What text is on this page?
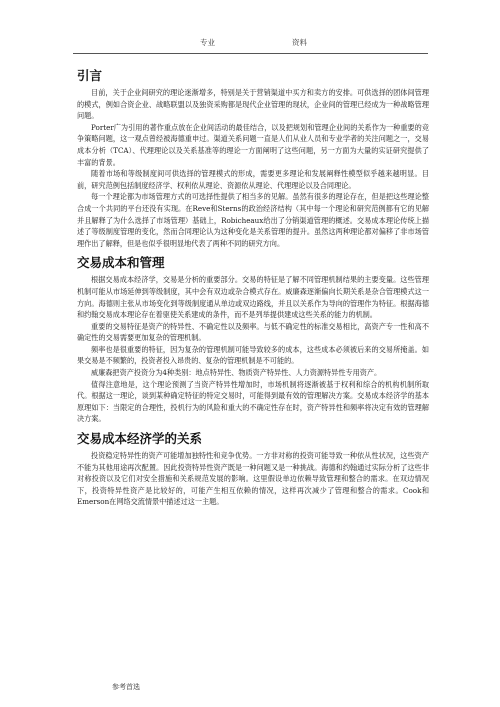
专业	资料
引言

目前，关于企业间研究的理论迷渐增多，特别是关于营销渠道中买方和卖方的安排。可供选择的团体间管理的模式，例如合资企业、战略联盟以及独资采购都是现代企业管理的现状，企业间的管理已经成为一种战略管理问题。

Porter广为引用的著作重点放在企业间活动的最佳结合，以及把规划和管理企业间的关系作为一种重要的竞争策略问题，这一观点曾经被海德重申过。渠道关系问题一直是人们从业人员和专业学者的关注问题之一，交易成本分析（TCA）、代理理论以及关系基准等的理论一方面阐明了这些问题，另一方面为大量的实证研究提供了丰富的背景。

随着市场和等级制度间可供选择的管理模式的形成，需要更多理论和发展阐释性模型似乎越来越明显。目前，研究范例包括制度经济学、权利依从理论、资源依从理论、代理理论以及合同理论。

每一个理论都为市场管理方式的可选择性提供了相当多的见解。虽然有很多的理论存在，但是把这些理论整合成一个共同的平台还没有实现。在Reve和Sterns的政治经济结构（其中每一个理论和研究范例都有它的见解并且解释了为什么选择了市场管理）基础上，Robicheaux给出了分销渠道管理的概述。交易成本理论传统上描述了等级制度管理的变化，然而合同理论认为这种变化是关系管理的提升。虽然这两种理论都对偏移了非市场管理作出了解释，但是也似乎很明显地代表了两种不同的研究方向。

交易成本和管理

根据交易成本经济学，交易是分析的重要部分。交易的特征是了解不同管理机制结果的主要变量。这些管理机制可能从市场延伸到等级制度，其中会有双边或杂合模式存在。威廉森逐渐偏向长期关系是杂合管理模式这一方向。海德则主张从市场变化到等级制度通从单边或双边路线，并且以关系作为导向的管理作为特征。根据海德和约翰交易成本理论存在着驱使关系建成的条件，而不是列举提供建成这些关系的能力的机制。

重要的交易特征是资产的特异性、不确定性以及频率。与低不确定性的标准交易相比，高资产专一性和高不确定性的交易需要更加复杂的管理机制。

频率也是很重要的特征，因为复杂的管理机制可能导致较多的成本，这些成本必须被后来的交易所掩盖。如果交易是不频繁的，投资者投入昂贵的、复杂的管理机制是不可能的。

威廉森把资产投资分为4种类别：地点特异性、物质资产特异性、人力资源特异性专用资产。

值得注意地是，这个理论预测了当资产特异性增加时，市场机制将逐渐被基于权利和综合的机构机制所取代。根据这一理论，谈到某种确定特征的特定交易时，可能得到最有效的管理解决方案。交易成本经济学的基本原理如下：当限定的合理性，投机行为的风险和重大的不确定性存在时，资产特异性和频率将决定有效的管理解决方案。

交易成本经济学的关系

投资稳定特异性的资产可能增加独特性和竞争优势。一方非对称的投资可能导致一种依从性状况，这些资产不能为其他用途再次配置。因此投资特异性资产既是一种问题又是一种挑战。海德和约翰通过实际分析了这些非对称投资以及它们对安全措施和关系规范发展的影响。这里假设单边依赖导致管理和整合的需求。在双边情况下，投资特异性资产是比较好的，可能产生相互依赖的情况，这样再次减少了管理和整合的需求。Cook和Emerson在网络交流情景中描述过这一主题。

参考首选
